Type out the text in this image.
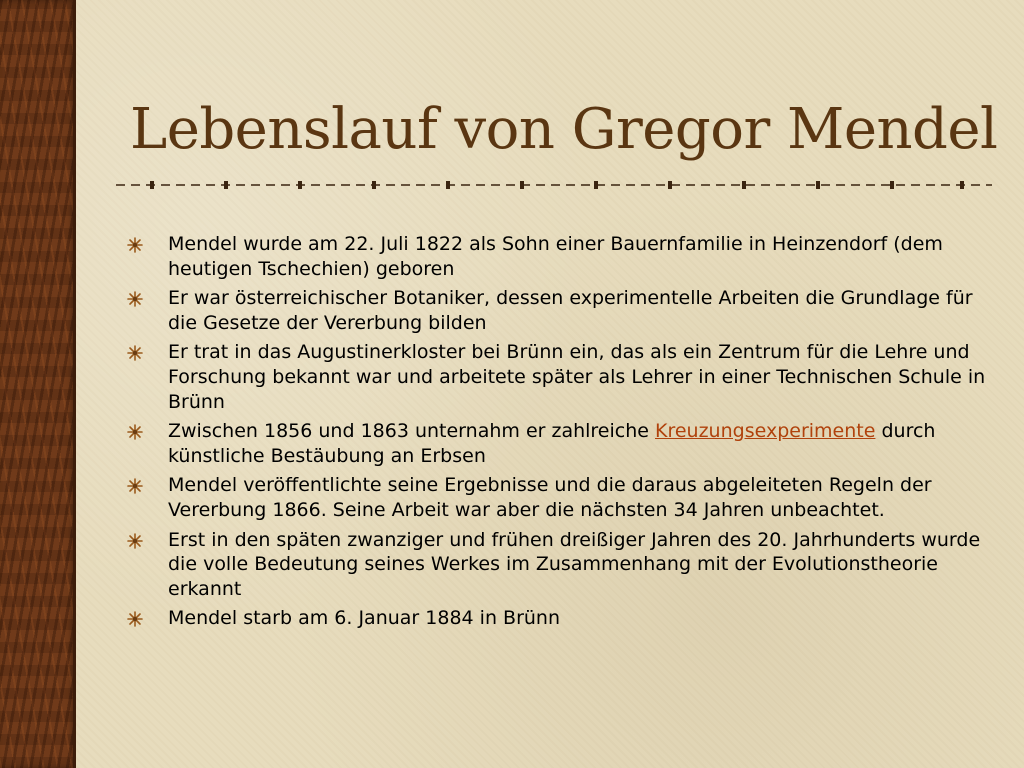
Lebenslauf von Gregor Mendel
Mendel wurde am 22. Juli 1822 als Sohn einer Bauernfamilie in Heinzendorf (dem heutigen Tschechien) geboren
Er war österreichischer Botaniker, dessen experimentelle Arbeiten die Grundlage für die Gesetze der Vererbung bilden
Er trat in das Augustinerkloster bei Brünn ein, das als ein Zentrum für die Lehre und Forschung bekannt war und arbeitete später als Lehrer in einer Technischen Schule in Brünn
Zwischen 1856 und 1863 unternahm er zahlreiche Kreuzungsexperimente durch künstliche Bestäubung an Erbsen
Mendel veröffentlichte seine Ergebnisse und die daraus abgeleiteten Regeln der Vererbung 1866. Seine Arbeit war aber die nächsten 34 Jahren unbeachtet.
Erst in den späten zwanziger und frühen dreißiger Jahren des 20. Jahrhunderts wurde die volle Bedeutung seines Werkes im Zusammenhang mit der Evolutionstheorie erkannt
Mendel starb am 6. Januar 1884 in Brünn
